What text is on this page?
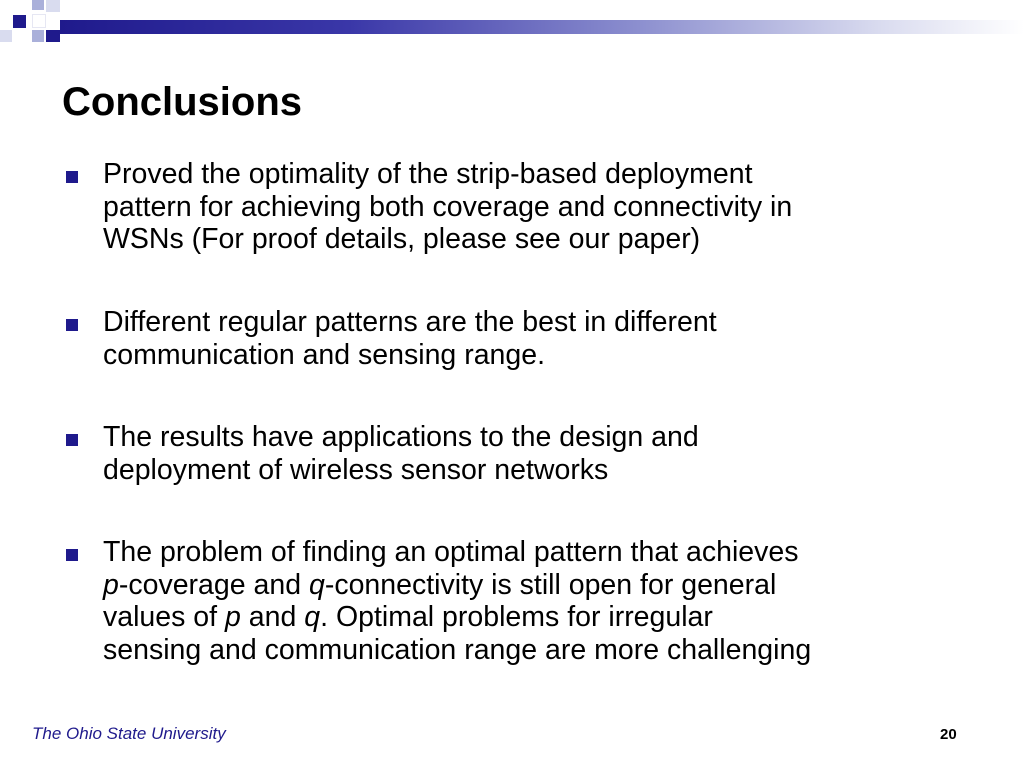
Conclusions
Proved the optimality of the strip-based deployment
pattern for achieving both coverage and connectivity in
WSNs (For proof details, please see our paper)
Different regular patterns are the best in different
communication and sensing range.
The results have applications to the design and
deployment of wireless sensor networks
The problem of finding an optimal pattern that achieves
p-coverage and q-connectivity is still open for general
values of p and q. Optimal problems for irregular
sensing and communication range are more challenging
The Ohio State University	20
